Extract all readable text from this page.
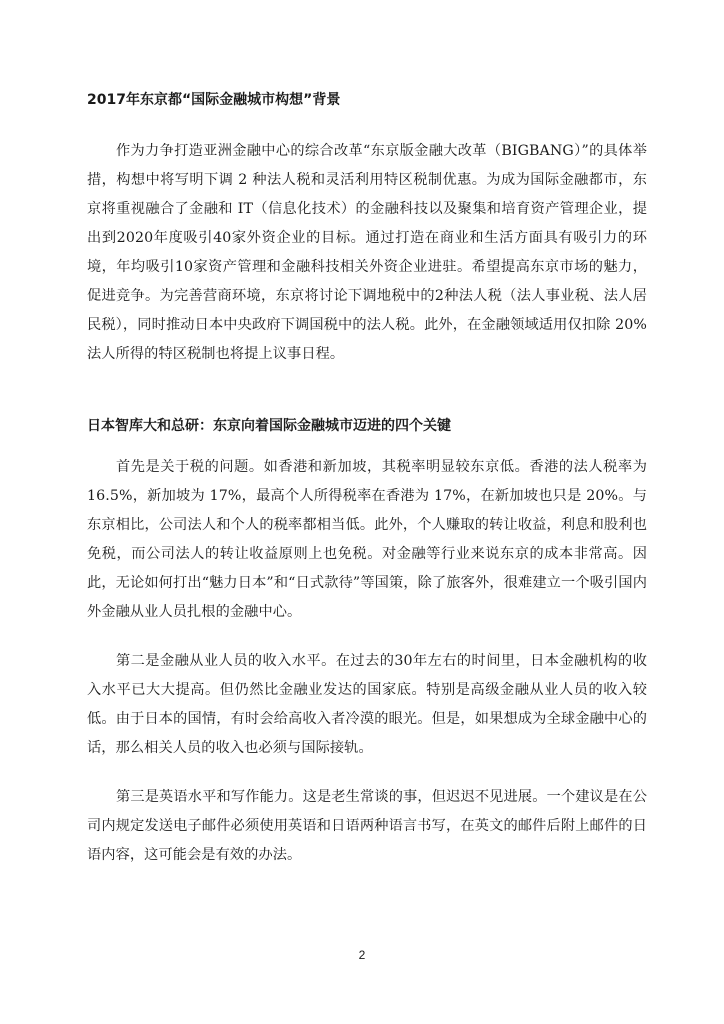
2017年东京都“国际金融城市构想”背景

作为力争打造亚洲金融中心的综合改革“东京版金融大改革（BIGBANG）”的具体举措，构想中将写明下调 2 种法人税和灵活利用特区税制优惠。为成为国际金融都市，东京将重视融合了金融和 IT（信息化技术）的金融科技以及聚集和培育资产管理企业，提出到2020年度吸引40家外资企业的目标。通过打造在商业和生活方面具有吸引力的环境，年均吸引10家资产管理和金融科技相关外资企业进驻。希望提高东京市场的魅力，促进竞争。为完善营商环境，东京将讨论下调地税中的2种法人税（法人事业税、法人居民税），同时推动日本中央政府下调国税中的法人税。此外，在金融领域适用仅扣除 20%法人所得的特区税制也将提上议事日程。

日本智库大和总研：东京向着国际金融城市迈进的四个关键

首先是关于税的问题。如香港和新加坡，其税率明显较东京低。香港的法人税率为 16.5%，新加坡为 17%，最高个人所得税率在香港为 17%，在新加坡也只是 20%。与东京相比，公司法人和个人的税率都相当低。此外，个人赚取的转让收益，利息和股利也免税，而公司法人的转让收益原则上也免税。对金融等行业来说东京的成本非常高。因此，无论如何打出“魅力日本”和“日式款待”等国策，除了旅客外，很难建立一个吸引国内外金融从业人员扎根的金融中心。

第二是金融从业人员的收入水平。在过去的30年左右的时间里，日本金融机构的收入水平已大大提高。但仍然比金融业发达的国家底。特别是高级金融从业人员的收入较低。由于日本的国情，有时会给高收入者冷漠的眼光。但是，如果想成为全球金融中心的话，那么相关人员的收入也必须与国际接轨。

第三是英语水平和写作能力。这是老生常谈的事，但迟迟不见进展。一个建议是在公司内规定发送电子邮件必须使用英语和日语两种语言书写，在英文的邮件后附上邮件的日语内容，这可能会是有效的办法。

2
